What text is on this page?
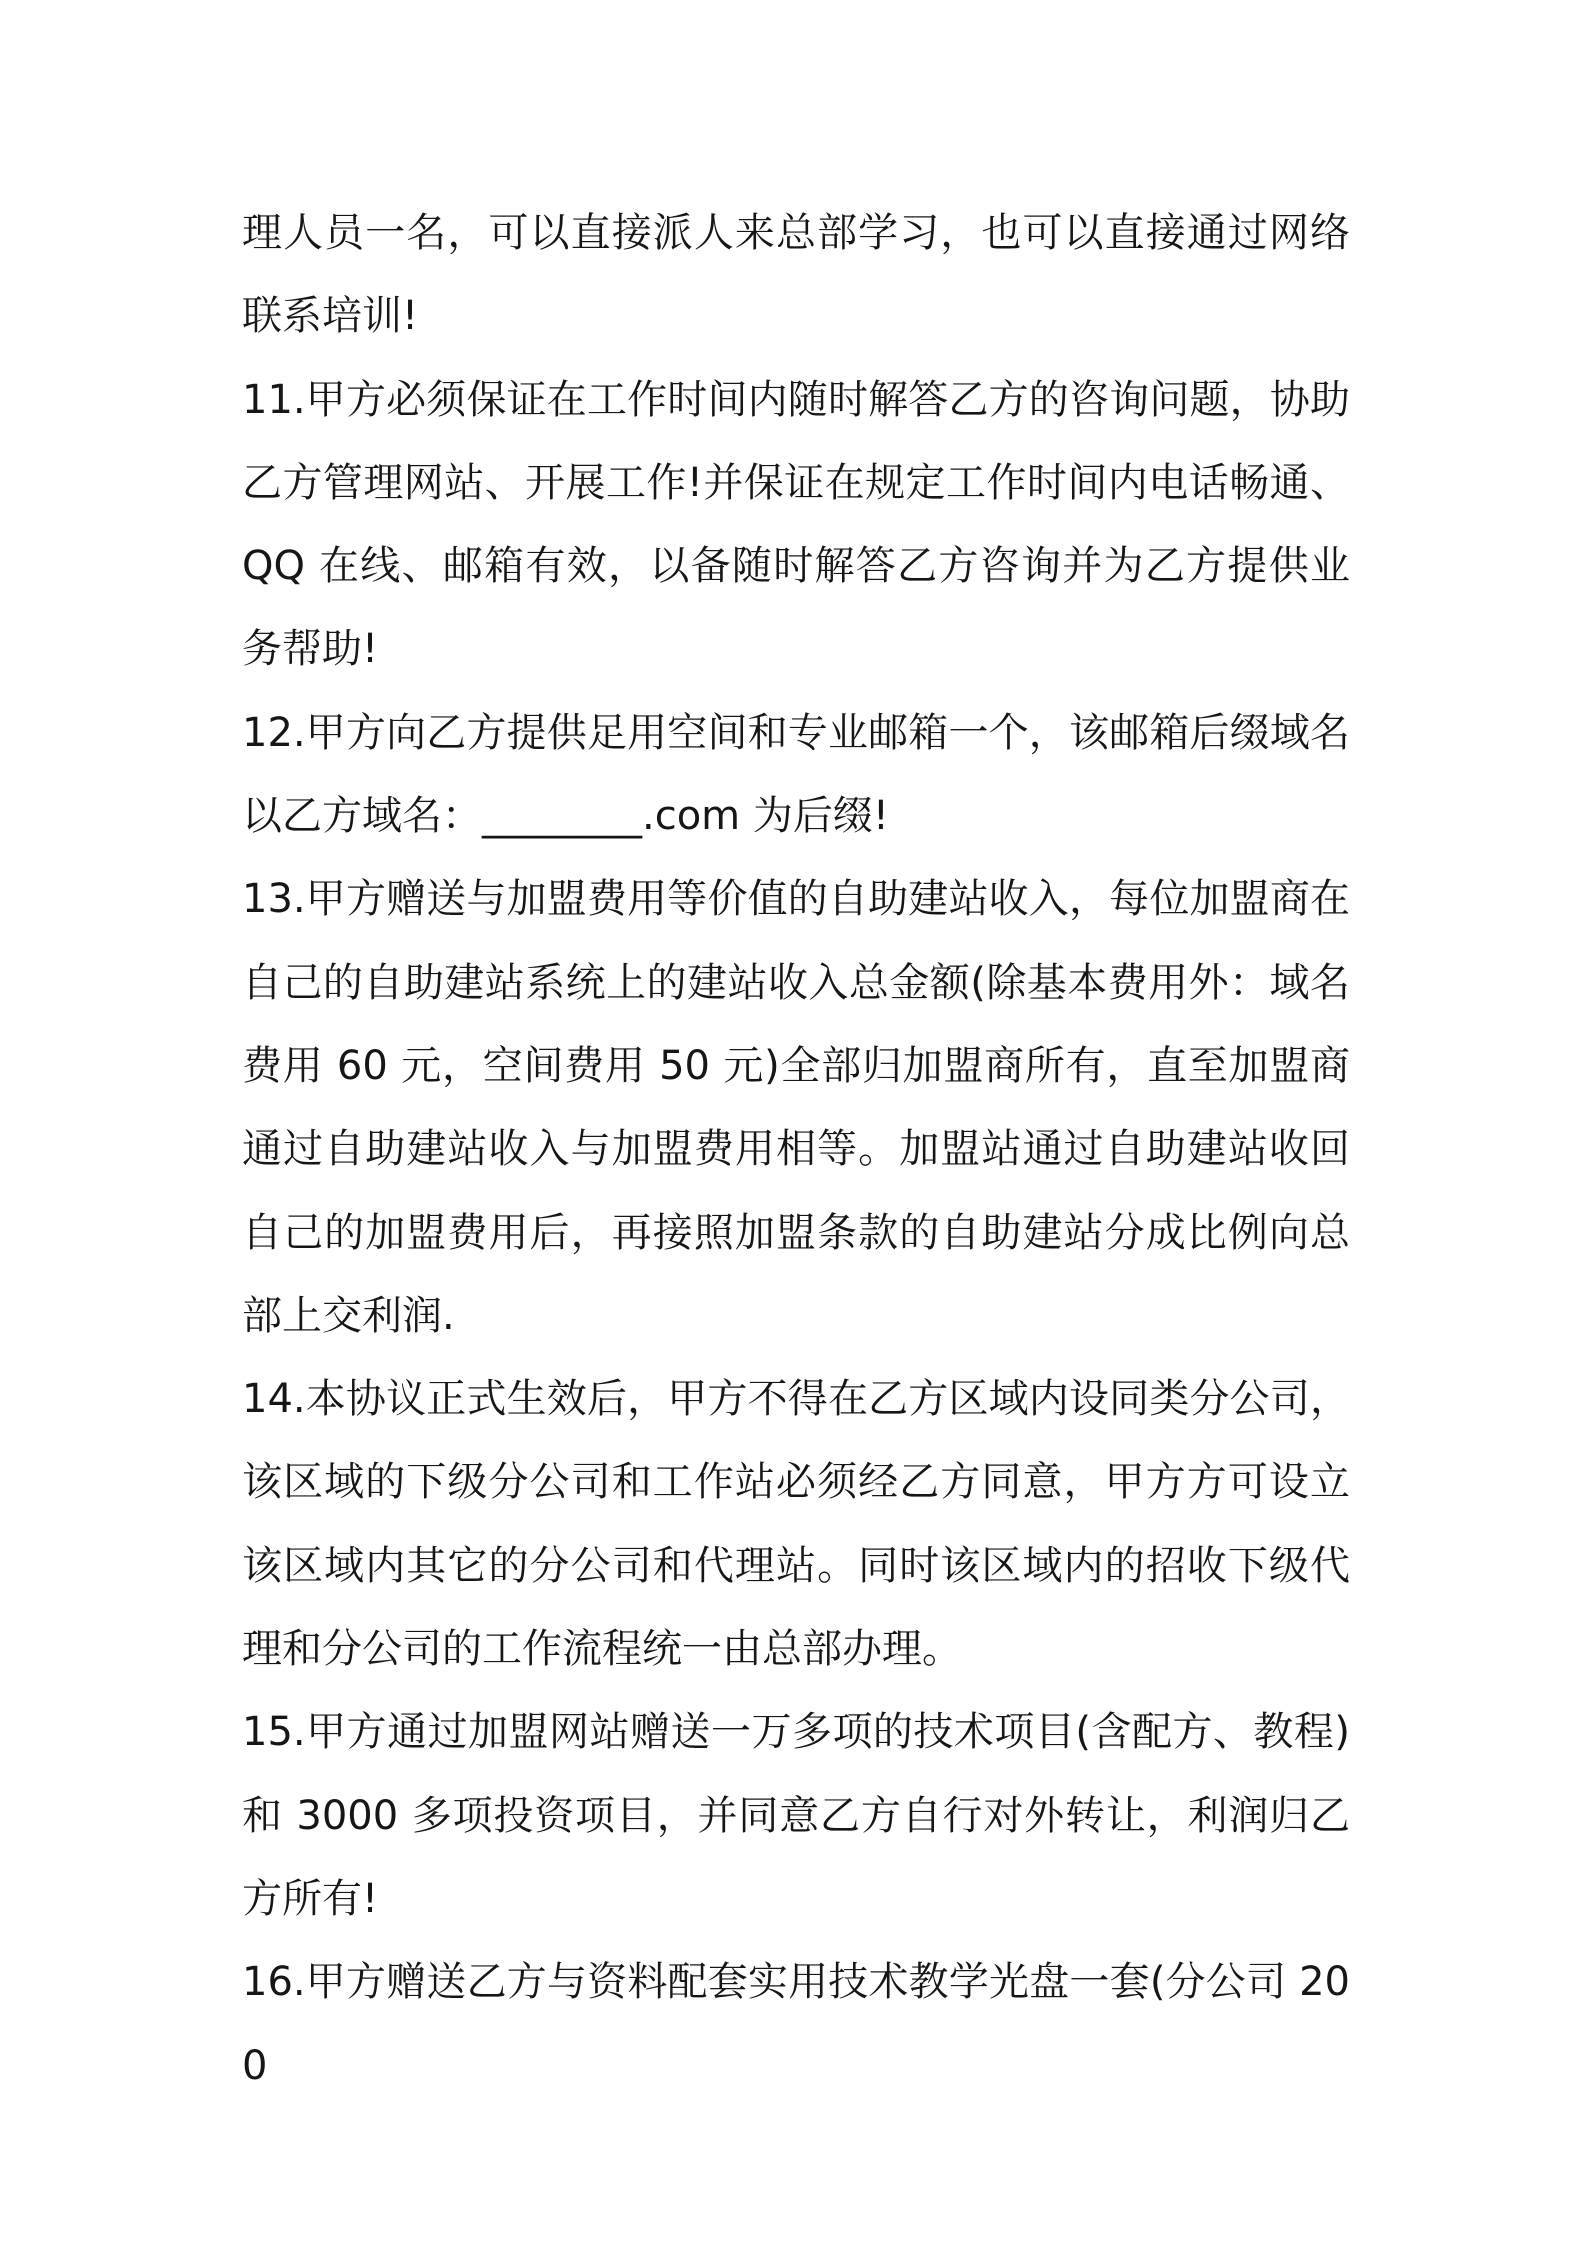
理人员一名，可以直接派人来总部学习，也可以直接通过网络联系培训!

11.甲方必须保证在工作时间内随时解答乙方的咨询问题，协助乙方管理网站、开展工作!并保证在规定工作时间内电话畅通、QQ 在线、邮箱有效，以备随时解答乙方咨询并为乙方提供业务帮助!

12.甲方向乙方提供足用空间和专业邮箱一个，该邮箱后缀域名以乙方域名：________.com 为后缀!

13.甲方赠送与加盟费用等价值的自助建站收入，每位加盟商在自己的自助建站系统上的建站收入总金额(除基本费用外：域名费用 60 元，空间费用 50 元)全部归加盟商所有，直至加盟商通过自助建站收入与加盟费用相等。加盟站通过自助建站收回自己的加盟费用后，再接照加盟条款的自助建站分成比例向总部上交利润.

14.本协议正式生效后，甲方不得在乙方区域内设同类分公司，该区域的下级分公司和工作站必须经乙方同意，甲方方可设立该区域内其它的分公司和代理站。同时该区域内的招收下级代理和分公司的工作流程统一由总部办理。

15.甲方通过加盟网站赠送一万多项的技术项目(含配方、教程)和 3000 多项投资项目，并同意乙方自行对外转让，利润归乙方所有!

16.甲方赠送乙方与资料配套实用技术教学光盘一套(分公司 200
